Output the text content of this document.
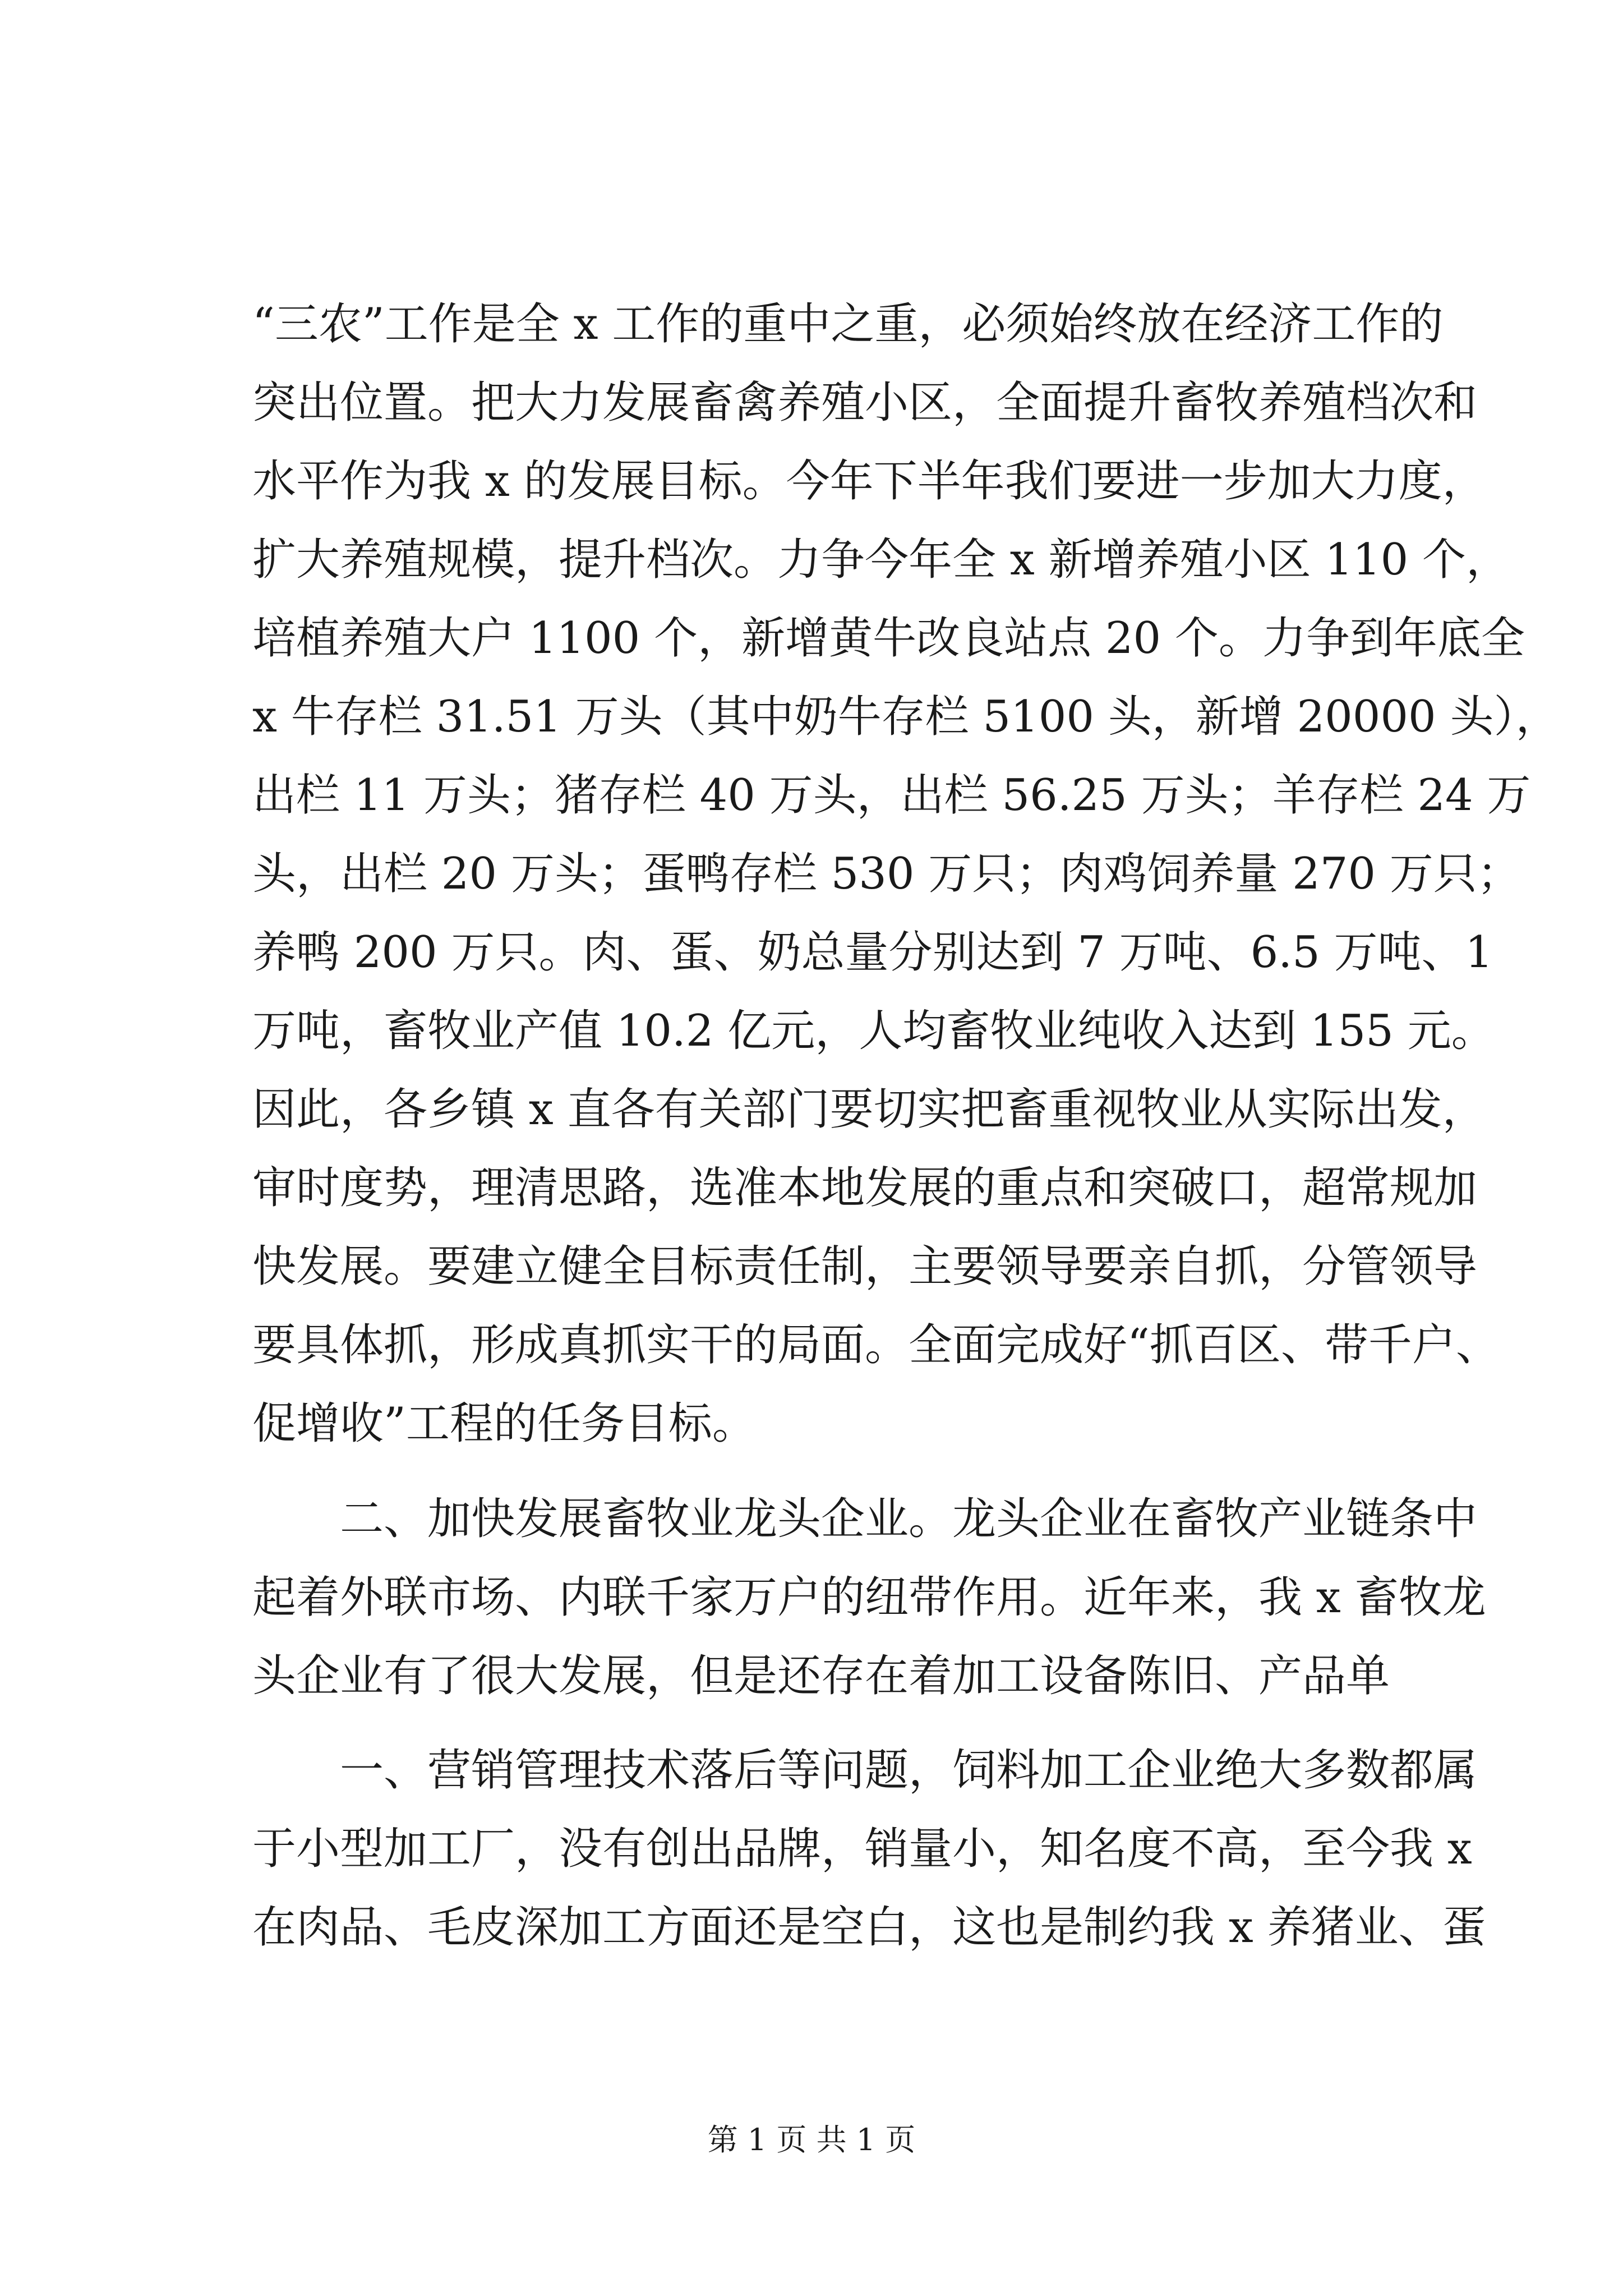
“三农”工作是全 x 工作的重中之重，必须始终放在经济工作的
突出位置。把大力发展畜禽养殖小区，全面提升畜牧养殖档次和
水平作为我 x 的发展目标。今年下半年我们要进一步加大力度，
扩大养殖规模，提升档次。力争今年全 x 新增养殖小区 110 个，
培植养殖大户 1100 个，新增黄牛改良站点 20 个。力争到年底全
x 牛存栏 31.51 万头（其中奶牛存栏 5100 头，新增 20000 头），
出栏 11 万头；猪存栏 40 万头，出栏 56.25 万头；羊存栏 24 万
头，出栏 20 万头；蛋鸭存栏 530 万只；肉鸡饲养量 270 万只；
养鸭 200 万只。肉、蛋、奶总量分别达到 7 万吨、6.5 万吨、1
万吨，畜牧业产值 10.2 亿元，人均畜牧业纯收入达到 155 元。
因此，各乡镇 x 直各有关部门要切实把畜重视牧业从实际出发，
审时度势，理清思路，选准本地发展的重点和突破口，超常规加
快发展。要建立健全目标责任制，主要领导要亲自抓，分管领导
要具体抓，形成真抓实干的局面。全面完成好“抓百区、带千户、
促增收”工程的任务目标。
　　二、加快发展畜牧业龙头企业。龙头企业在畜牧产业链条中
起着外联市场、内联千家万户的纽带作用。近年来，我 x 畜牧龙
头企业有了很大发展，但是还存在着加工设备陈旧、产品单
　　一、营销管理技术落后等问题，饲料加工企业绝大多数都属
于小型加工厂，没有创出品牌，销量小，知名度不高，至今我 x
在肉品、毛皮深加工方面还是空白，这也是制约我 x 养猪业、蛋
第 1 页 共 1 页
